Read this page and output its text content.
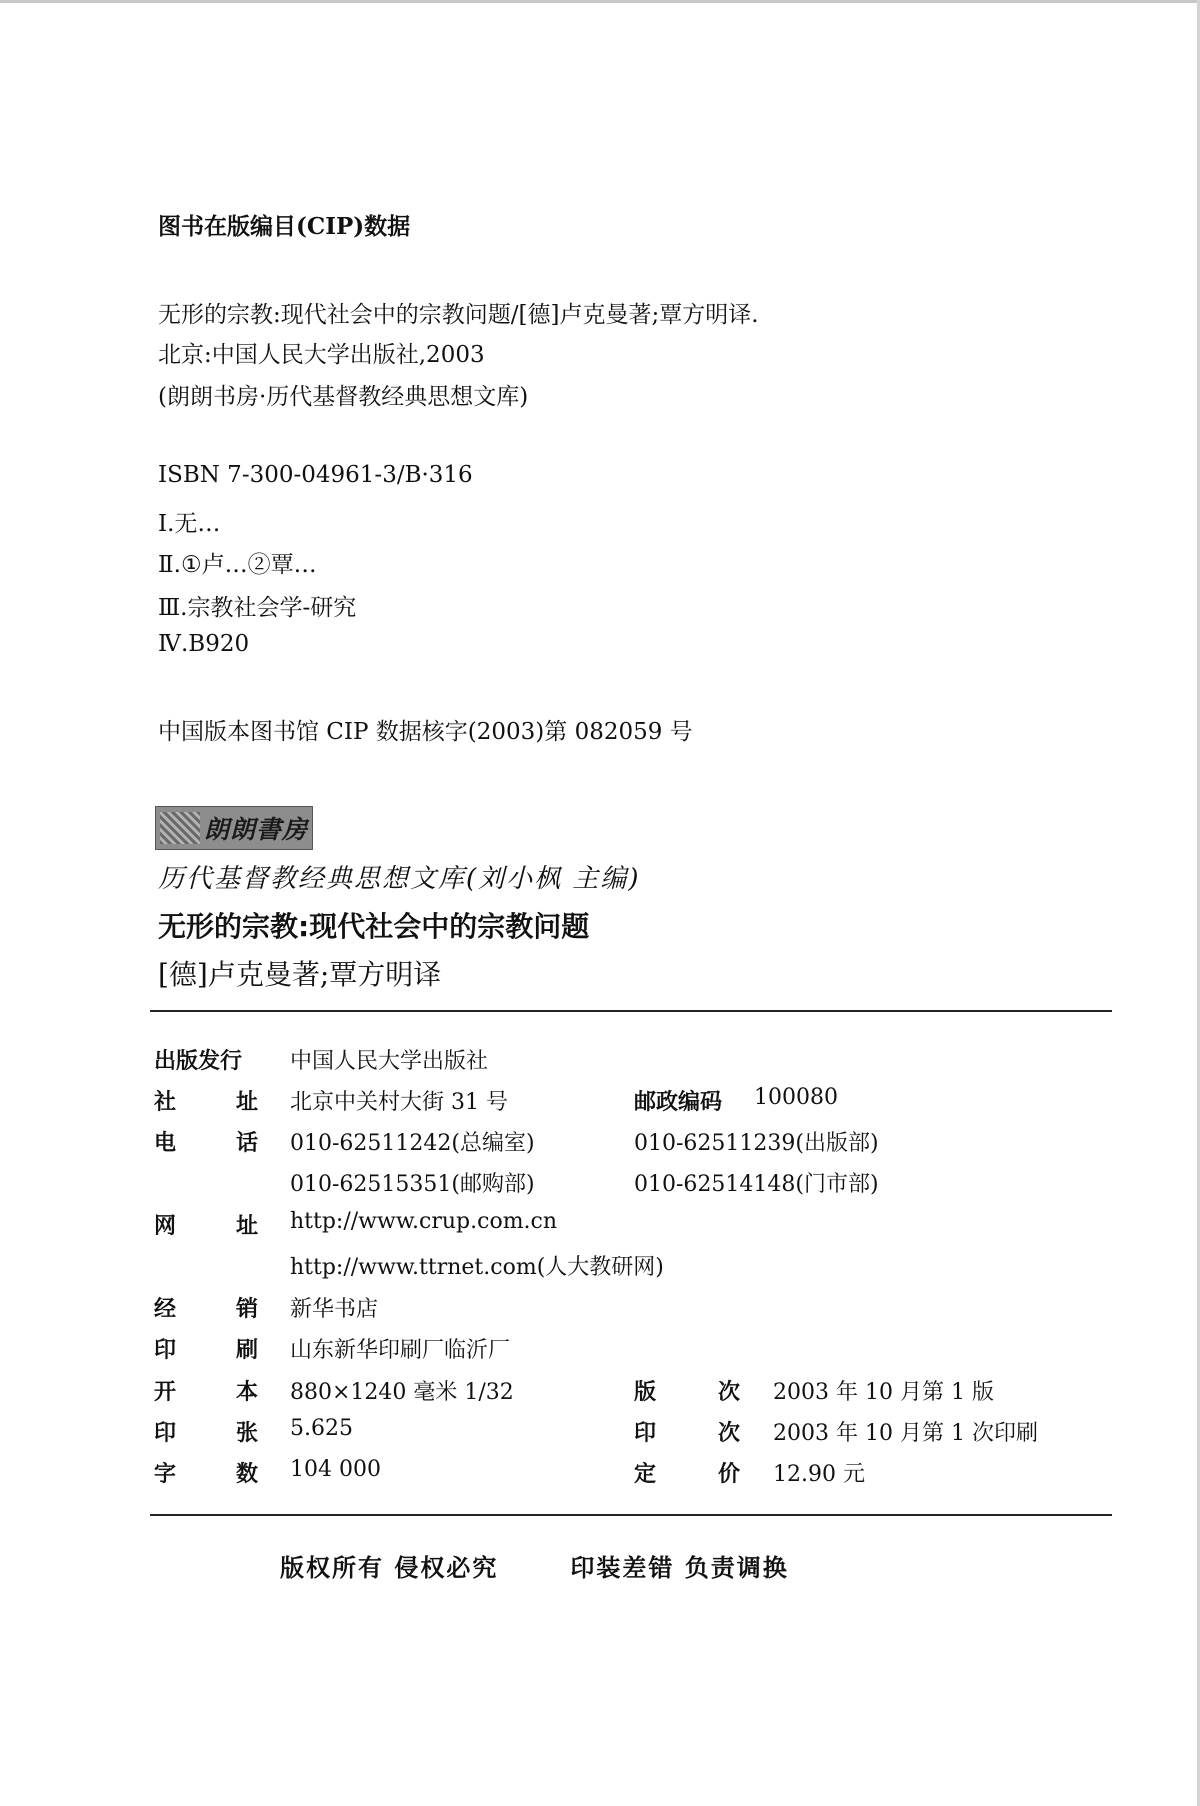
图书在版编目(CIP)数据
无形的宗教:现代社会中的宗教问题/[德]卢克曼著;覃方明译.
北京:中国人民大学出版社,2003
(朗朗书房·历代基督教经典思想文库)
ISBN 7-300-04961-3/B·316
Ⅰ.无…
Ⅱ.①卢…②覃…
Ⅲ.宗教社会学-研究
Ⅳ.B920
中国版本图书馆 CIP 数据核字(2003)第 082059 号
朗朗書房
历代基督教经典思想文库(刘小枫 主编)
无形的宗教:现代社会中的宗教问题
[德]卢克曼著;覃方明译
出版发行 中国人民大学出版社
社	址 北京中关村大街 31 号	邮政编码 100080
电	话 010-62511242(总编室)	010-62511239(出版部)
010-62515351(邮购部)	010-62514148(门市部)
网	址 http://www.crup.com.cn
http://www.ttrnet.com(人大教研网)
经	销 新华书店
印	刷 山东新华印刷厂临沂厂
开	本 880×1240 毫米 1/32	版	次 2003 年 10 月第 1 版
印	张 5.625	印	次 2003 年 10 月第 1 次印刷
字	数 104 000	定	价 12.90 元
版权所有 侵权必究	印装差错 负责调换
